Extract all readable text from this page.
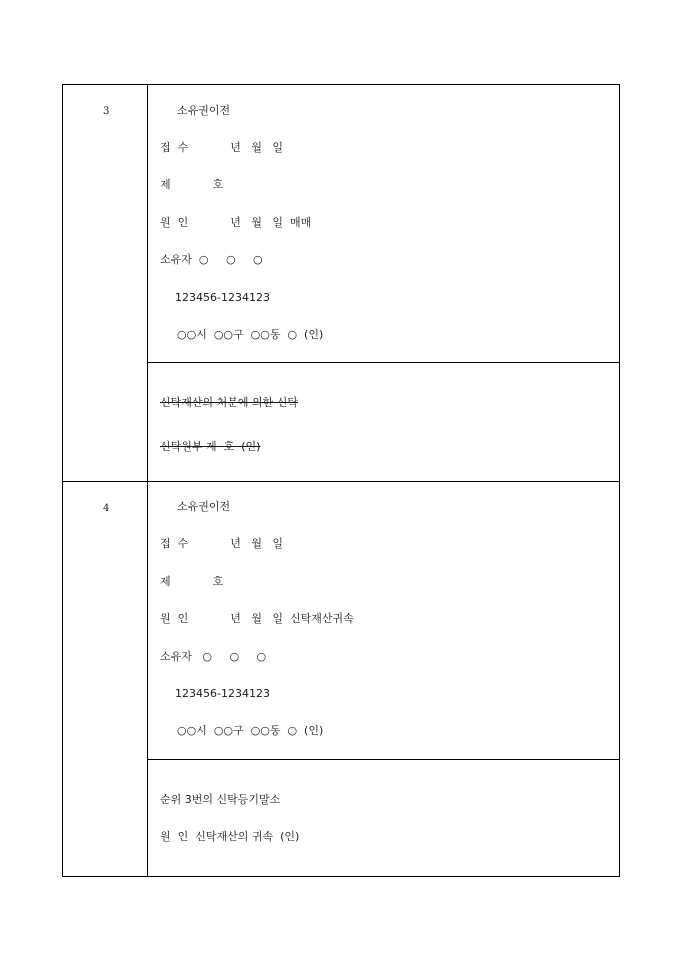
3	소유권이전
접  수            년   월   일
제            호
원  인            년   월   일  매매
소유자  ○     ○     ○
123456-1234123
○○시  ○○구  ○○동  ○  (인)
신탁재산의 처분에 의한 신탁
신탁원부 제  호  (인)
4	소유권이전
접  수            년   월   일
제            호
원  인            년   월   일  신탁재산귀속
소유자   ○     ○     ○
123456-1234123
○○시  ○○구  ○○동  ○  (인)
순위 3번의 신탁등기말소
원  인  신탁재산의 귀속  (인)
